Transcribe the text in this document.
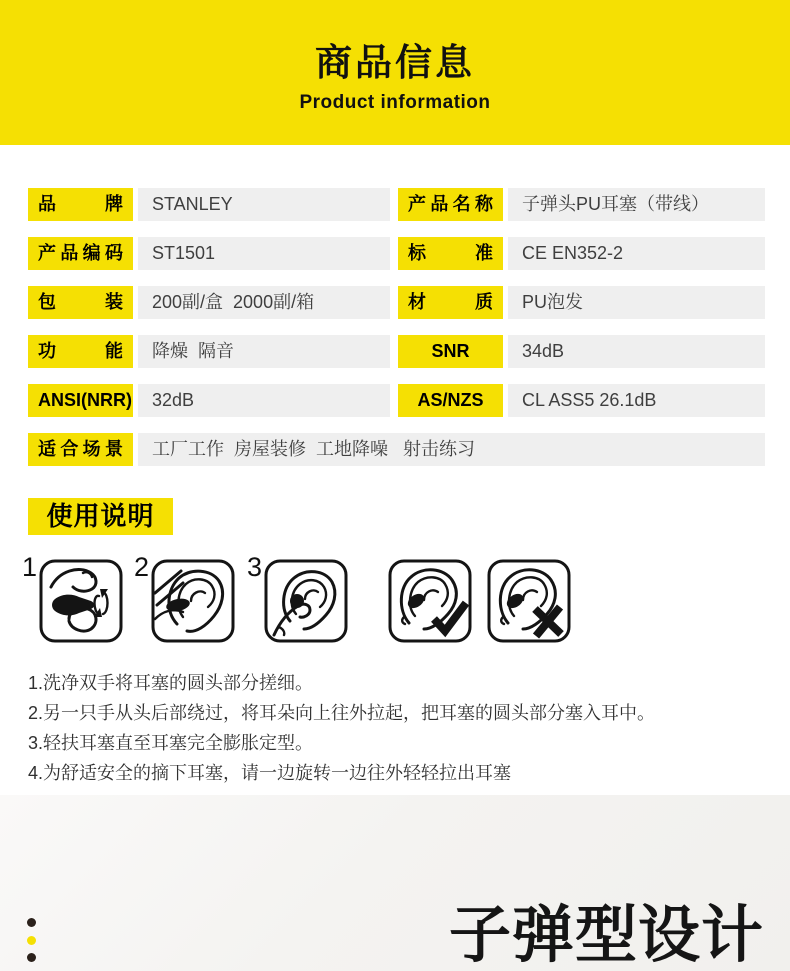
商品信息
Product information
品 牌	STANLEY	产品名称	子弹头PU耳塞（带线）
产品编码	ST1501	标 准	CE EN352-2
包 装	200副/盒  2000副/箱	材 质	PU泡发
功 能	降燥  隔音	SNR	34dB
ANSI(NRR)	32dB	AS/NZS	CL ASS5 26.1dB
适合场景	工厂工作  房屋装修  工地降噪   射击练习
使用说明
1	2	3
1.洗净双手将耳塞的圆头部分搓细。
2.另一只手从头后部绕过，将耳朵向上往外拉起，把耳塞的圆头部分塞入耳中。
3.轻扶耳塞直至耳塞完全膨胀定型。
4.为舒适安全的摘下耳塞，请一边旋转一边往外轻轻拉出耳塞
子弹型设计
